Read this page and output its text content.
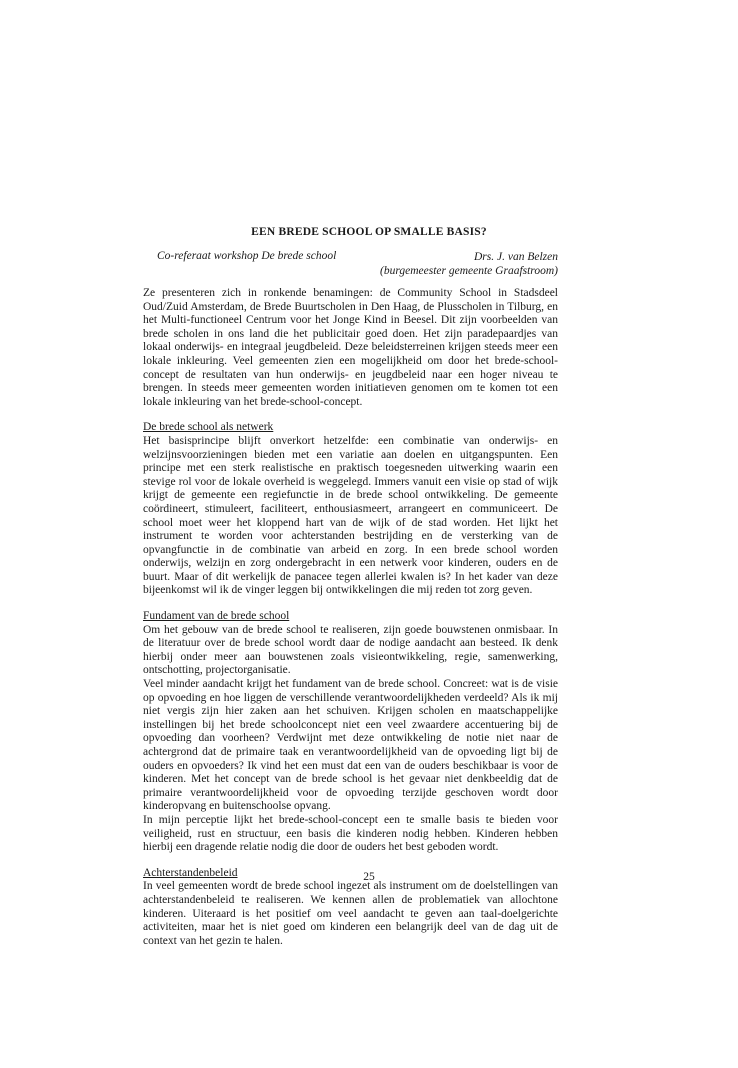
EEN BREDE SCHOOL OP SMALLE BASIS?
Co-referaat workshop De brede school	Drs. J. van Belzen
(burgemeester gemeente Graafstroom)

Ze presenteren zich in ronkende benamingen: de Community School in Stadsdeel Oud/Zuid Amsterdam, de Brede Buurtscholen in Den Haag, de Plusscholen in Tilburg, en het Multi-functioneel Centrum voor het Jonge Kind in Beesel. Dit zijn voorbeelden van brede scholen in ons land die het publicitair goed doen. Het zijn paradepaardjes van lokaal onderwijs- en integraal jeugdbeleid. Deze beleidsterreinen krijgen steeds meer een lokale inkleuring. Veel gemeenten zien een mogelijkheid om door het brede-school-concept de resultaten van hun onderwijs- en jeugdbeleid naar een hoger niveau te brengen. In steeds meer gemeenten worden initiatieven genomen om te komen tot een lokale inkleuring van het brede-school-concept.

De brede school als netwerk

Het basisprincipe blijft onverkort hetzelfde: een combinatie van onderwijs- en welzijnsvoorzieningen bieden met een variatie aan doelen en uitgangspunten. Een principe met een sterk realistische en praktisch toegesneden uitwerking waarin een stevige rol voor de lokale overheid is weggelegd. Immers vanuit een visie op stad of wijk krijgt de gemeente een regiefunctie in de brede school ontwikkeling. De gemeente coördineert, stimuleert, faciliteert, enthousiasmeert, arrangeert en communiceert. De school moet weer het kloppend hart van de wijk of de stad worden. Het lijkt het instrument te worden voor achterstanden bestrijding en de versterking van de opvangfunctie in de combinatie van arbeid en zorg. In een brede school worden onderwijs, welzijn en zorg ondergebracht in een netwerk voor kinderen, ouders en de buurt. Maar of dit werkelijk de panacee tegen allerlei kwalen is? In het kader van deze bijeenkomst wil ik de vinger leggen bij ontwikkelingen die mij reden tot zorg geven.

Fundament van de brede school

Om het gebouw van de brede school te realiseren, zijn goede bouwstenen onmisbaar. In de literatuur over de brede school wordt daar de nodige aandacht aan besteed. Ik denk hierbij onder meer aan bouwstenen zoals visieontwikkeling, regie, samenwerking, ontschotting, projectorganisatie.

Veel minder aandacht krijgt het fundament van de brede school. Concreet: wat is de visie op opvoeding en hoe liggen de verschillende verantwoordelijkheden verdeeld? Als ik mij niet vergis zijn hier zaken aan het schuiven. Krijgen scholen en maatschappelijke instellingen bij het brede schoolconcept niet een veel zwaardere accentuering bij de opvoeding dan voorheen? Verdwijnt met deze ontwikkeling de notie niet naar de achtergrond dat de primaire taak en verantwoordelijkheid van de opvoeding ligt bij de ouders en opvoeders? Ik vind het een must dat een van de ouders beschikbaar is voor de kinderen. Met het concept van de brede school is het gevaar niet denkbeeldig dat de primaire verantwoordelijkheid voor de opvoeding terzijde geschoven wordt door kinderopvang en buitenschoolse opvang.

In mijn perceptie lijkt het brede-school-concept een te smalle basis te bieden voor veiligheid, rust en structuur, een basis die kinderen nodig hebben. Kinderen hebben hierbij een dragende relatie nodig die door de ouders het best geboden wordt.

Achterstandenbeleid

In veel gemeenten wordt de brede school ingezet als instrument om de doelstellingen van achterstandenbeleid te realiseren. We kennen allen de problematiek van allochtone kinderen. Uiteraard is het positief om veel aandacht te geven aan taal-doelgerichte activiteiten, maar het is niet goed om kinderen een belangrijk deel van de dag uit de context van het gezin te halen.

25
